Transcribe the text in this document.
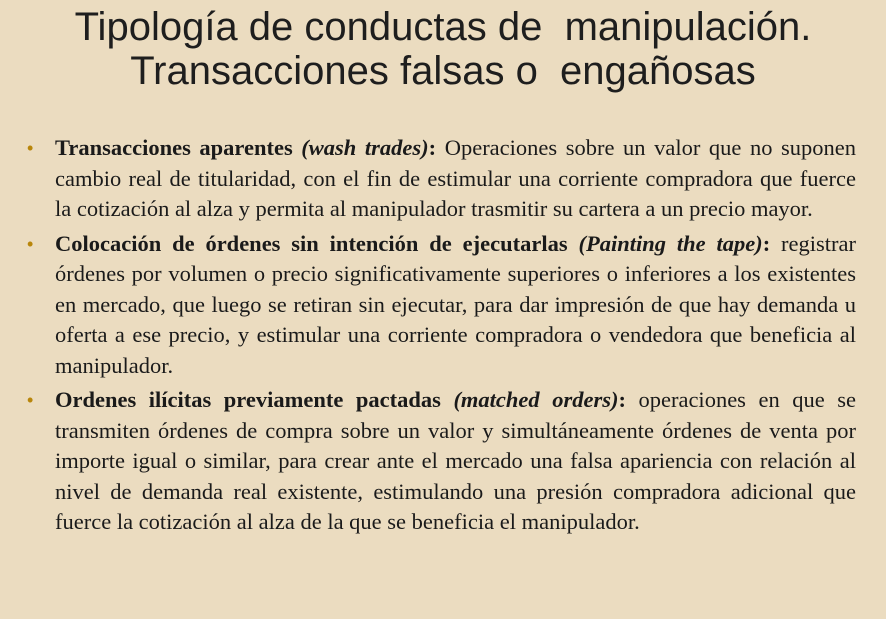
Tipología de conductas de  manipulación.
Transacciones falsas o  engañosas
• Transacciones aparentes (wash trades): Operaciones sobre un valor que no suponen cambio real de titularidad, con el fin de estimular una corriente compradora que fuerce la cotización al alza y permita al manipulador trasmitir su cartera a un precio mayor.
• Colocación de órdenes sin intención de ejecutarlas (Painting the tape): registrar órdenes por volumen o precio significativamente superiores o inferiores a los existentes en mercado, que luego se retiran sin ejecutar, para dar impresión de que hay demanda u oferta a ese precio, y estimular una corriente compradora o vendedora que beneficia al manipulador.
• Ordenes ilícitas previamente pactadas (matched orders): operaciones en que se transmiten órdenes de compra sobre un valor y simultáneamente órdenes de venta por importe igual o similar, para crear ante el mercado una falsa apariencia con relación al nivel de demanda real existente, estimulando una presión compradora adicional que fuerce la cotización al alza de la que se beneficia el manipulador.
